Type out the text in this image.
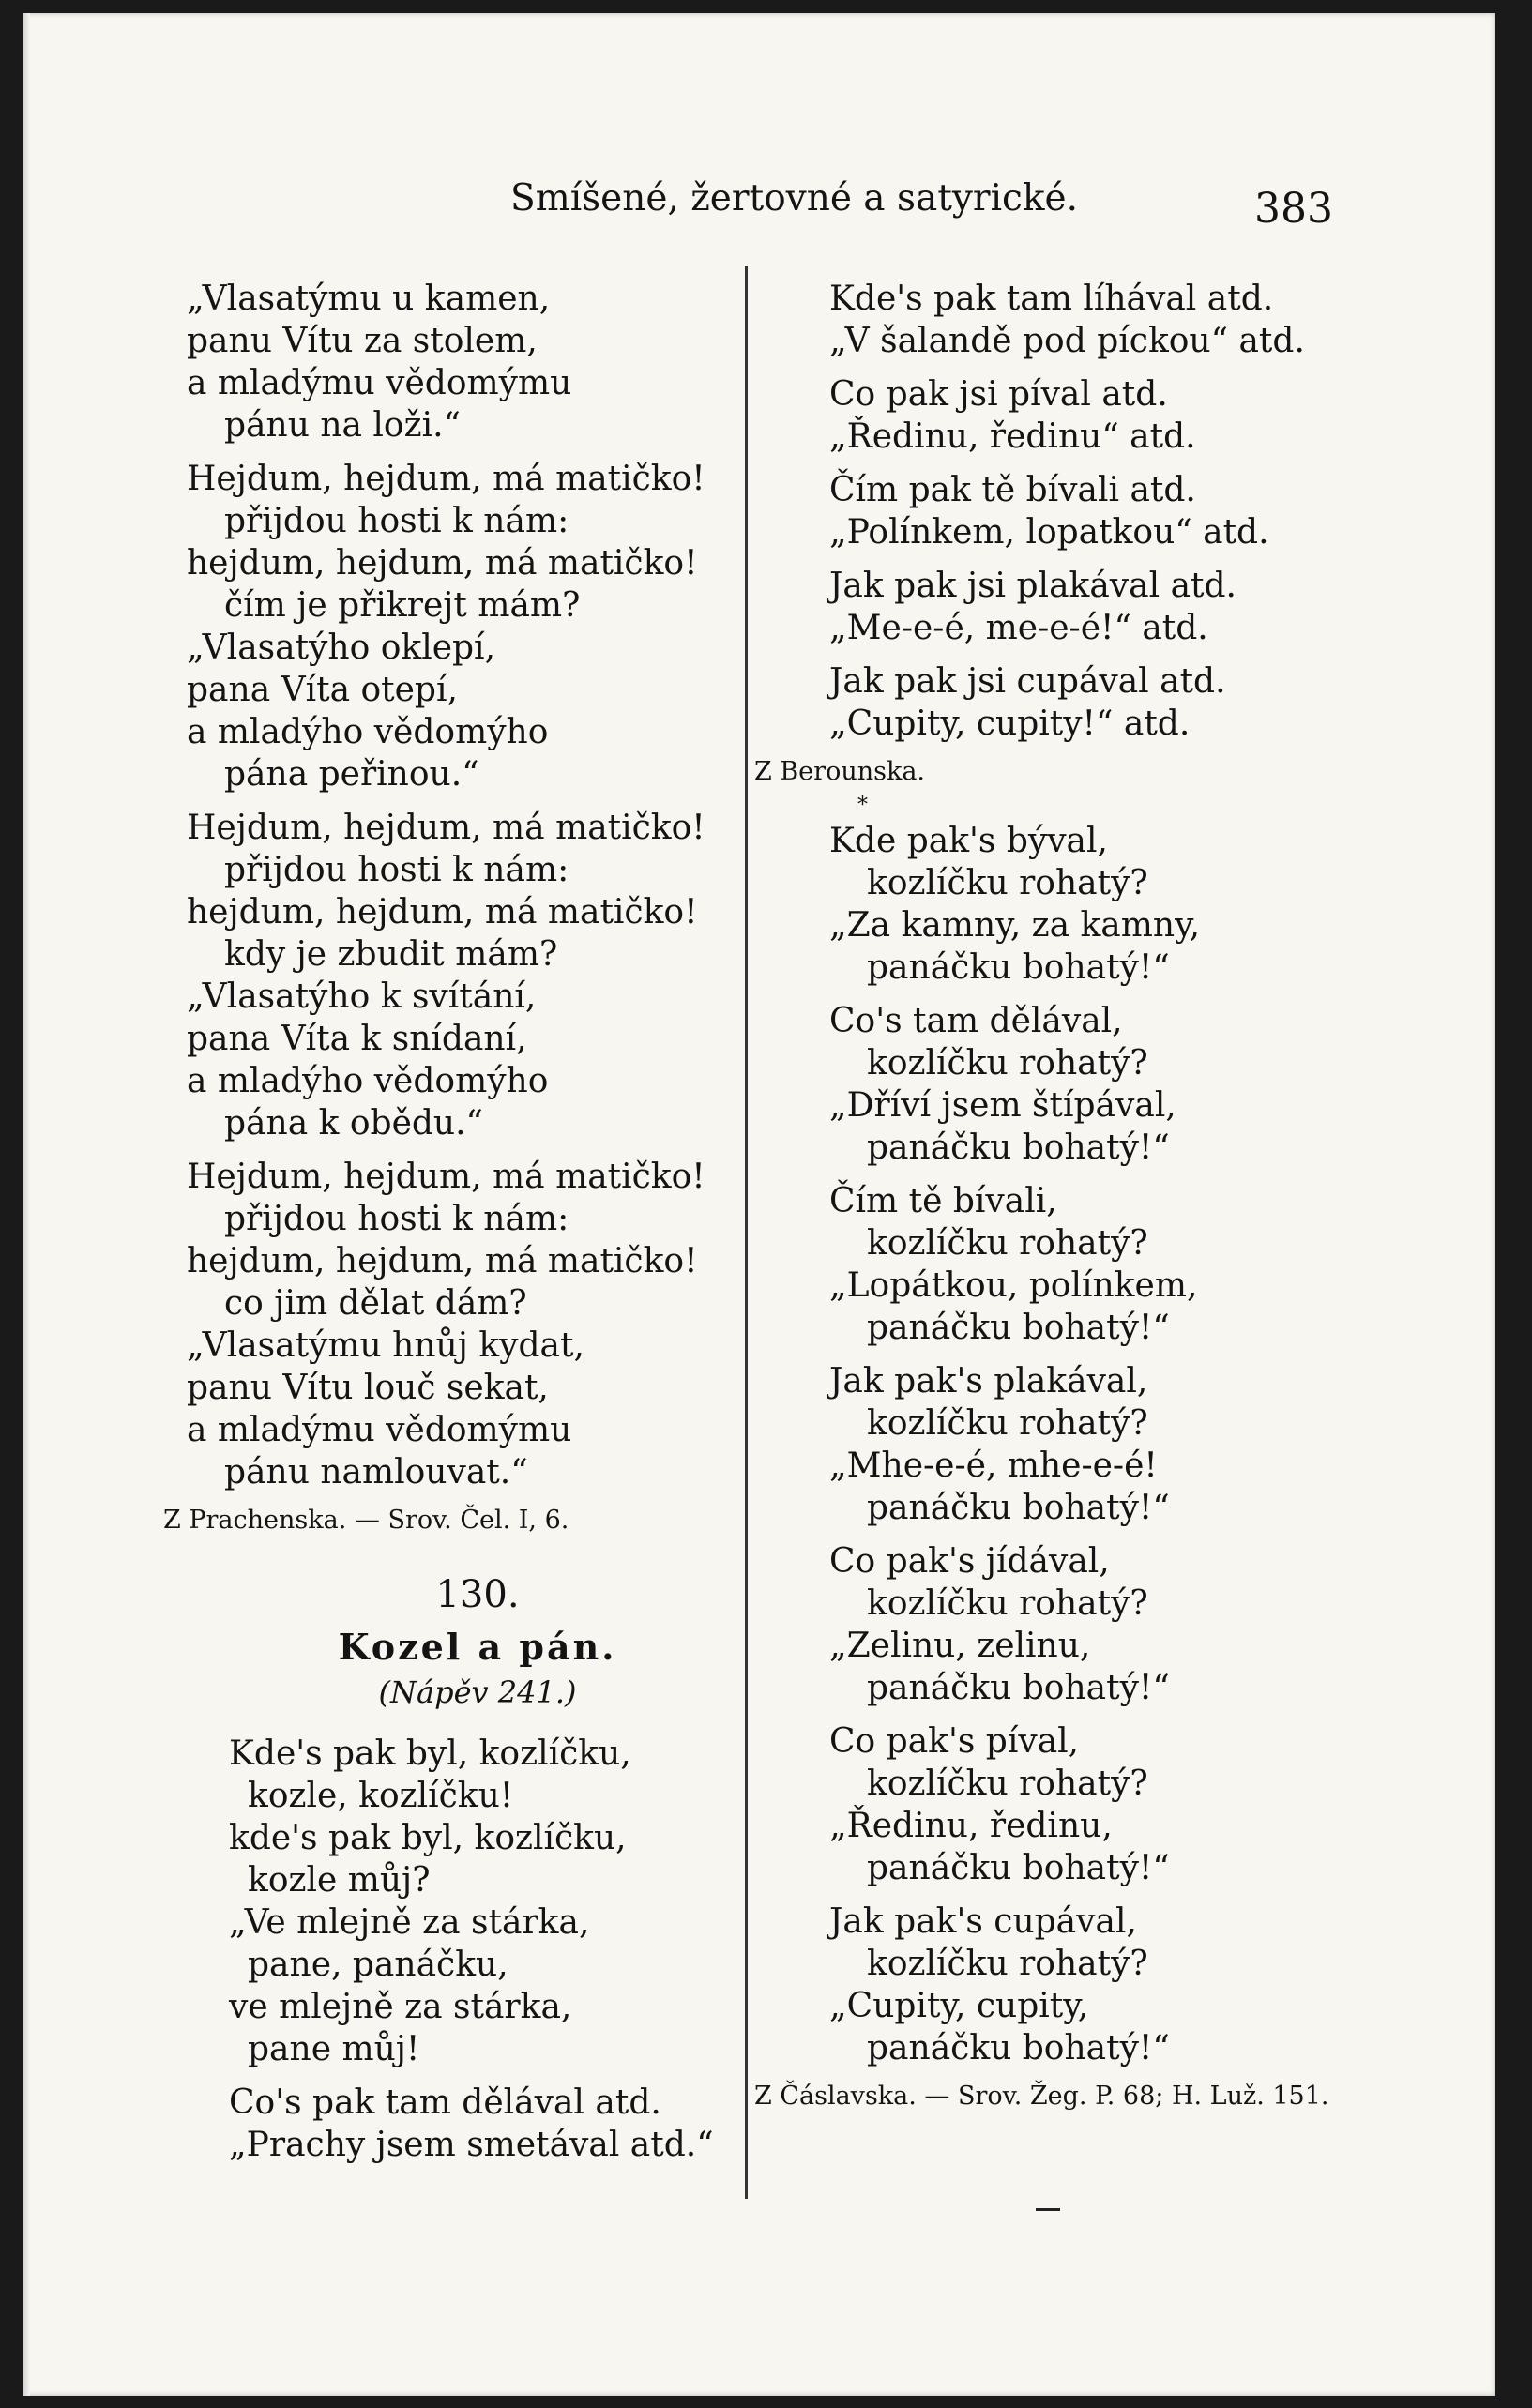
Smíšené, žertovné a satyrické.	383
„Vlasatýmu u kamen,
panu Vítu za stolem,
a mladýmu vědomýmu
pánu na loži.“
Hejdum, hejdum, má matičko!
přijdou hosti k nám:
hejdum, hejdum, má matičko!
čím je přikrejt mám?
„Vlasatýho oklepí,
pana Víta otepí,
a mladýho vědomýho
pána peřinou.“
Hejdum, hejdum, má matičko!
přijdou hosti k nám:
hejdum, hejdum, má matičko!
kdy je zbudit mám?
„Vlasatýho k svítání,
pana Víta k snídaní,
a mladýho vědomýho
pána k obědu.“
Hejdum, hejdum, má matičko!
přijdou hosti k nám:
hejdum, hejdum, má matičko!
co jim dělat dám?
„Vlasatýmu hnůj kydat,
panu Vítu louč sekat,
a mladýmu vědomýmu
pánu namlouvat.“
Z Prachenska. — Srov. Čel. I, 6.
130.
Kozel a pán.
(Nápěv 241.)
Kde's pak byl, kozlíčku,
kozle, kozlíčku!
kde's pak byl, kozlíčku,
kozle můj?
„Ve mlejně za stárka,
pane, panáčku,
ve mlejně za stárka,
pane můj!
Co's pak tam dělával atd.
„Prachy jsem smetával atd.“
Kde's pak tam líhával atd.
„V šalandě pod píckou“ atd.
Co pak jsi píval atd.
„Ředinu, ředinu“ atd.
Čím pak tě bívali atd.
„Polínkem, lopatkou“ atd.
Jak pak jsi plakával atd.
„Me-e-é, me-e-é!“ atd.
Jak pak jsi cupával atd.
„Cupity, cupity!“ atd.
Z Berounska.
*
Kde pak's býval,
kozlíčku rohatý?
„Za kamny, za kamny,
panáčku bohatý!“
Co's tam dělával,
kozlíčku rohatý?
„Dříví jsem štípával,
panáčku bohatý!“
Čím tě bívali,
kozlíčku rohatý?
„Lopátkou, polínkem,
panáčku bohatý!“
Jak pak's plakával,
kozlíčku rohatý?
„Mhe-e-é, mhe-e-é!
panáčku bohatý!“
Co pak's jídával,
kozlíčku rohatý?
„Zelinu, zelinu,
panáčku bohatý!“
Co pak's píval,
kozlíčku rohatý?
„Ředinu, ředinu,
panáčku bohatý!“
Jak pak's cupával,
kozlíčku rohatý?
„Cupity, cupity,
panáčku bohatý!“
Z Čáslavska. — Srov. Žeg. P. 68; H. Luž. 151.
